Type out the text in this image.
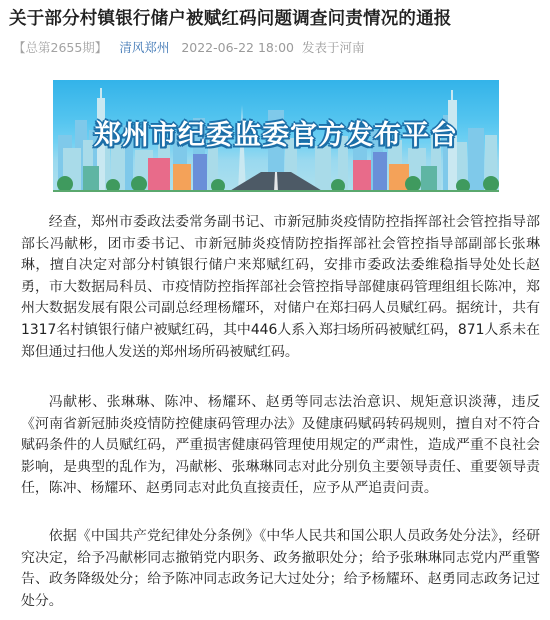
关于部分村镇银行储户被赋红码问题调查问责情况的通报
【总第2655期】 清风郑州 2022-06-22 18:00 发表于河南
郑州市纪委监委官方发布平台

经查，郑州市委政法委常务副书记、市新冠肺炎疫情防控指挥部社会管控指导部部长冯献彬，团市委书记、市新冠肺炎疫情防控指挥部社会管控指导部副部长张琳琳，擅自决定对部分村镇银行储户来郑赋红码，安排市委政法委维稳指导处处长赵勇，市大数据局科员、市疫情防控指挥部社会管控指导部健康码管理组组长陈冲，郑州大数据发展有限公司副总经理杨耀环，对储户在郑扫码人员赋红码。据统计，共有1317名村镇银行储户被赋红码，其中446人系入郑扫场所码被赋红码，871人系未在郑但通过扫他人发送的郑州场所码被赋红码。

冯献彬、张琳琳、陈冲、杨耀环、赵勇等同志法治意识、规矩意识淡薄，违反《河南省新冠肺炎疫情防控健康码管理办法》及健康码赋码转码规则，擅自对不符合赋码条件的人员赋红码，严重损害健康码管理使用规定的严肃性，造成严重不良社会影响，是典型的乱作为，冯献彬、张琳琳同志对此分别负主要领导责任、重要领导责任，陈冲、杨耀环、赵勇同志对此负直接责任，应予从严追责问责。

依据《中国共产党纪律处分条例》《中华人民共和国公职人员政务处分法》，经研究决定，给予冯献彬同志撤销党内职务、政务撤职处分；给予张琳琳同志党内严重警告、政务降级处分；给予陈冲同志政务记大过处分；给予杨耀环、赵勇同志政务记过处分。
